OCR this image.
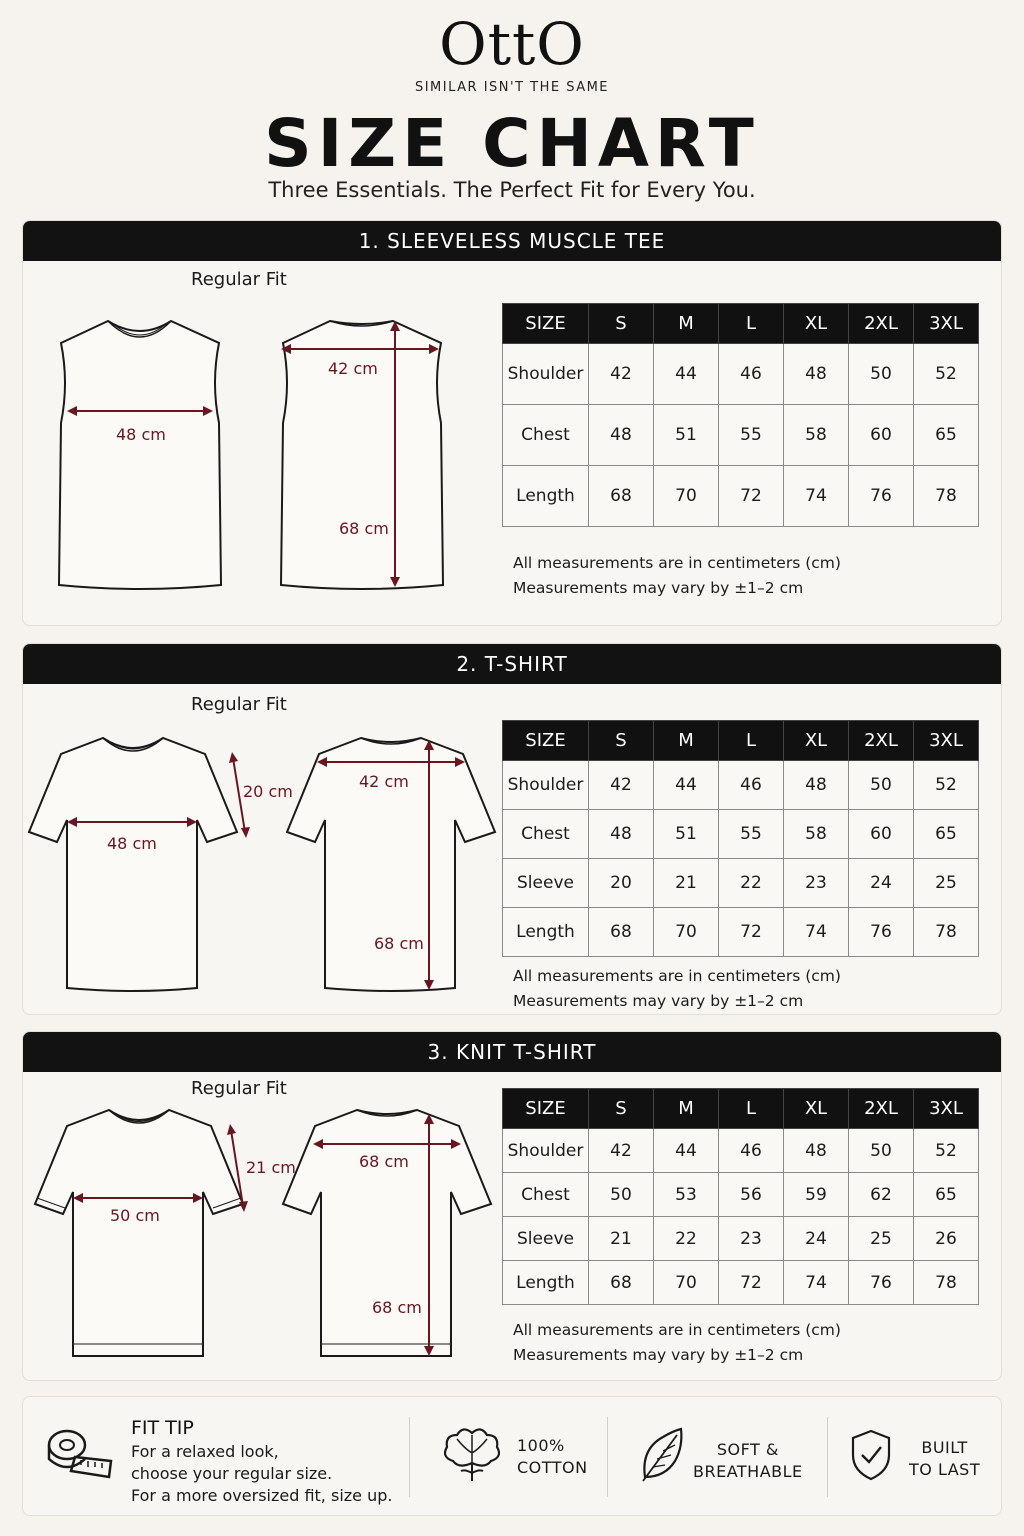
OttO
SIMILAR ISN'T THE SAME
SIZE CHART
Three Essentials. The Perfect Fit for Every You.
1. SLEEVELESS MUSCLE TEE
Regular Fit
48 cm
42 cm
68 cm
SIZE	S	M	L	XL	2XL	3XL
Shoulder	42	44	46	48	50	52
Chest	48	51	55	58	60	65
Length	68	70	72	74	76	78
All measurements are in centimeters (cm)
Measurements may vary by ±1–2 cm
2. T-SHIRT
Regular Fit
48 cm
20 cm
42 cm
68 cm
SIZE	S	M	L	XL	2XL	3XL
Shoulder	42	44	46	48	50	52
Chest	48	51	55	58	60	65
Sleeve	20	21	22	23	24	25
Length	68	70	72	74	76	78
All measurements are in centimeters (cm)
Measurements may vary by ±1–2 cm
3. KNIT T-SHIRT
Regular Fit
50 cm
21 cm	68 cm
68 cm
SIZE	S	M	L	XL	2XL	3XL
Shoulder	42	44	46	48	50	52
Chest	50	53	56	59	62	65
Sleeve	21	22	23	24	25	26
Length	68	70	72	74	76	78
All measurements are in centimeters (cm)
Measurements may vary by ±1–2 cm
FIT TIP
For a relaxed look,
choose your regular size.
For a more oversized fit, size up.
100%
COTTON
SOFT &
BREATHABLE
BUILT
TO LAST
